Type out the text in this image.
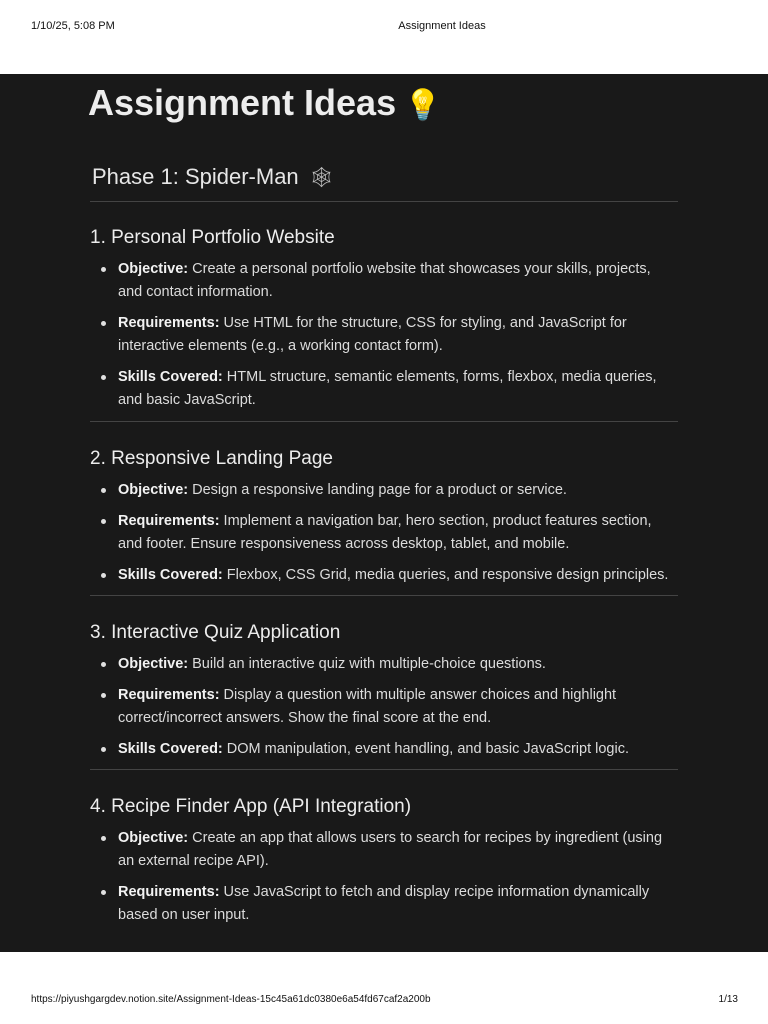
1/10/25, 5:08 PM	Assignment Ideas
Assignment Ideas 💡
Phase 1: Spider-Man 🕸
1. Personal Portfolio Website
Objective: Create a personal portfolio website that showcases your skills, projects, and contact information.
Requirements: Use HTML for the structure, CSS for styling, and JavaScript for interactive elements (e.g., a working contact form).
Skills Covered: HTML structure, semantic elements, forms, flexbox, media queries, and basic JavaScript.
2. Responsive Landing Page
Objective: Design a responsive landing page for a product or service.
Requirements: Implement a navigation bar, hero section, product features section, and footer. Ensure responsiveness across desktop, tablet, and mobile.
Skills Covered: Flexbox, CSS Grid, media queries, and responsive design principles.
3. Interactive Quiz Application
Objective: Build an interactive quiz with multiple-choice questions.
Requirements: Display a question with multiple answer choices and highlight correct/incorrect answers. Show the final score at the end.
Skills Covered: DOM manipulation, event handling, and basic JavaScript logic.
4. Recipe Finder App (API Integration)
Objective: Create an app that allows users to search for recipes by ingredient (using an external recipe API).
Requirements: Use JavaScript to fetch and display recipe information dynamically based on user input.
https://piyushgargdev.notion.site/Assignment-Ideas-15c45a61dc0380e6a54fd67caf2a200b	1/13
